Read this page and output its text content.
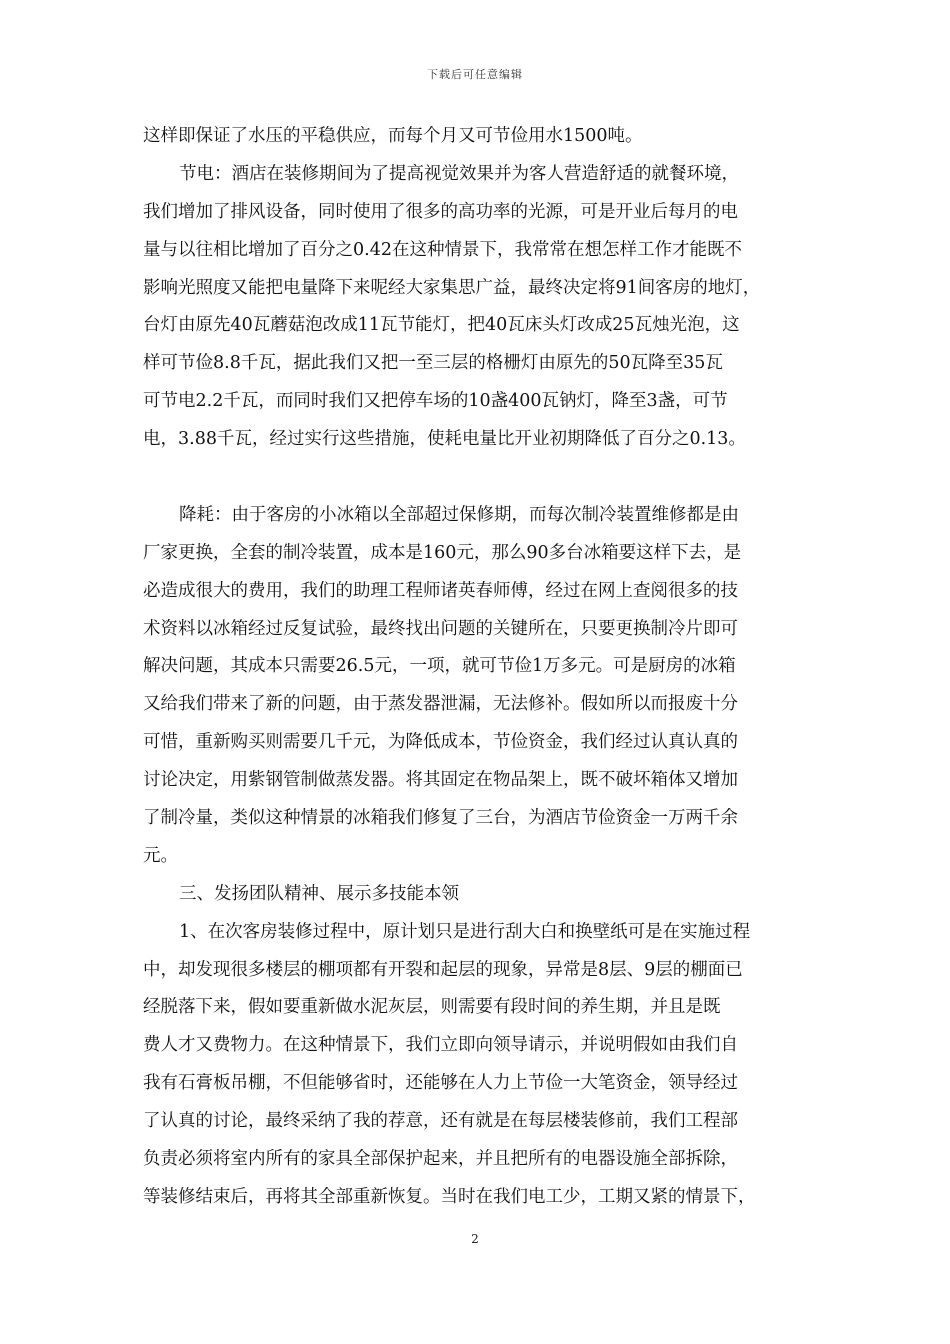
下载后可任意编辑
这样即保证了水压的平稳供应，而每个月又可节俭用水1500吨。
节电：酒店在装修期间为了提高视觉效果并为客人营造舒适的就餐环境，
我们增加了排风设备，同时使用了很多的高功率的光源，可是开业后每月的电
量与以往相比增加了百分之0.42在这种情景下，我常常在想怎样工作才能既不
影响光照度又能把电量降下来呢经大家集思广益，最终决定将91间客房的地灯，
台灯由原先40瓦蘑菇泡改成11瓦节能灯，把40瓦床头灯改成25瓦烛光泡，这
样可节俭8.8千瓦，据此我们又把一至三层的格栅灯由原先的50瓦降至35瓦
可节电2.2千瓦，而同时我们又把停车场的10盏400瓦钠灯，降至3盏，可节
电，3.88千瓦，经过实行这些措施，使耗电量比开业初期降低了百分之0.13。
降耗：由于客房的小冰箱以全部超过保修期，而每次制冷装置维修都是由
厂家更换，全套的制冷装置，成本是160元，那么90多台冰箱要这样下去，是
必造成很大的费用，我们的助理工程师诸英春师傅，经过在网上查阅很多的技
术资料以冰箱经过反复试验，最终找出问题的关键所在，只要更换制冷片即可
解决问题，其成本只需要26.5元，一项，就可节俭1万多元。可是厨房的冰箱
又给我们带来了新的问题，由于蒸发器泄漏，无法修补。假如所以而报废十分
可惜，重新购买则需要几千元，为降低成本，节俭资金，我们经过认真认真的
讨论决定，用紫钢管制做蒸发器。将其固定在物品架上，既不破坏箱体又增加
了制冷量，类似这种情景的冰箱我们修复了三台，为酒店节俭资金一万两千余
元。
三、发扬团队精神、展示多技能本领
1、在次客房装修过程中，原计划只是进行刮大白和换壁纸可是在实施过程
中，却发现很多楼层的棚项都有开裂和起层的现象，异常是8层、9层的棚面已
经脱落下来，假如要重新做水泥灰层，则需要有段时间的养生期，并且是既
费人才又费物力。在这种情景下，我们立即向领导请示，并说明假如由我们自
我有石膏板吊棚，不但能够省时，还能够在人力上节俭一大笔资金，领导经过
了认真的讨论，最终采纳了我的荐意，还有就是在每层楼装修前，我们工程部
负责必须将室内所有的家具全部保护起来，并且把所有的电器设施全部拆除，
等装修结束后，再将其全部重新恢复。当时在我们电工少，工期又紧的情景下，
2
